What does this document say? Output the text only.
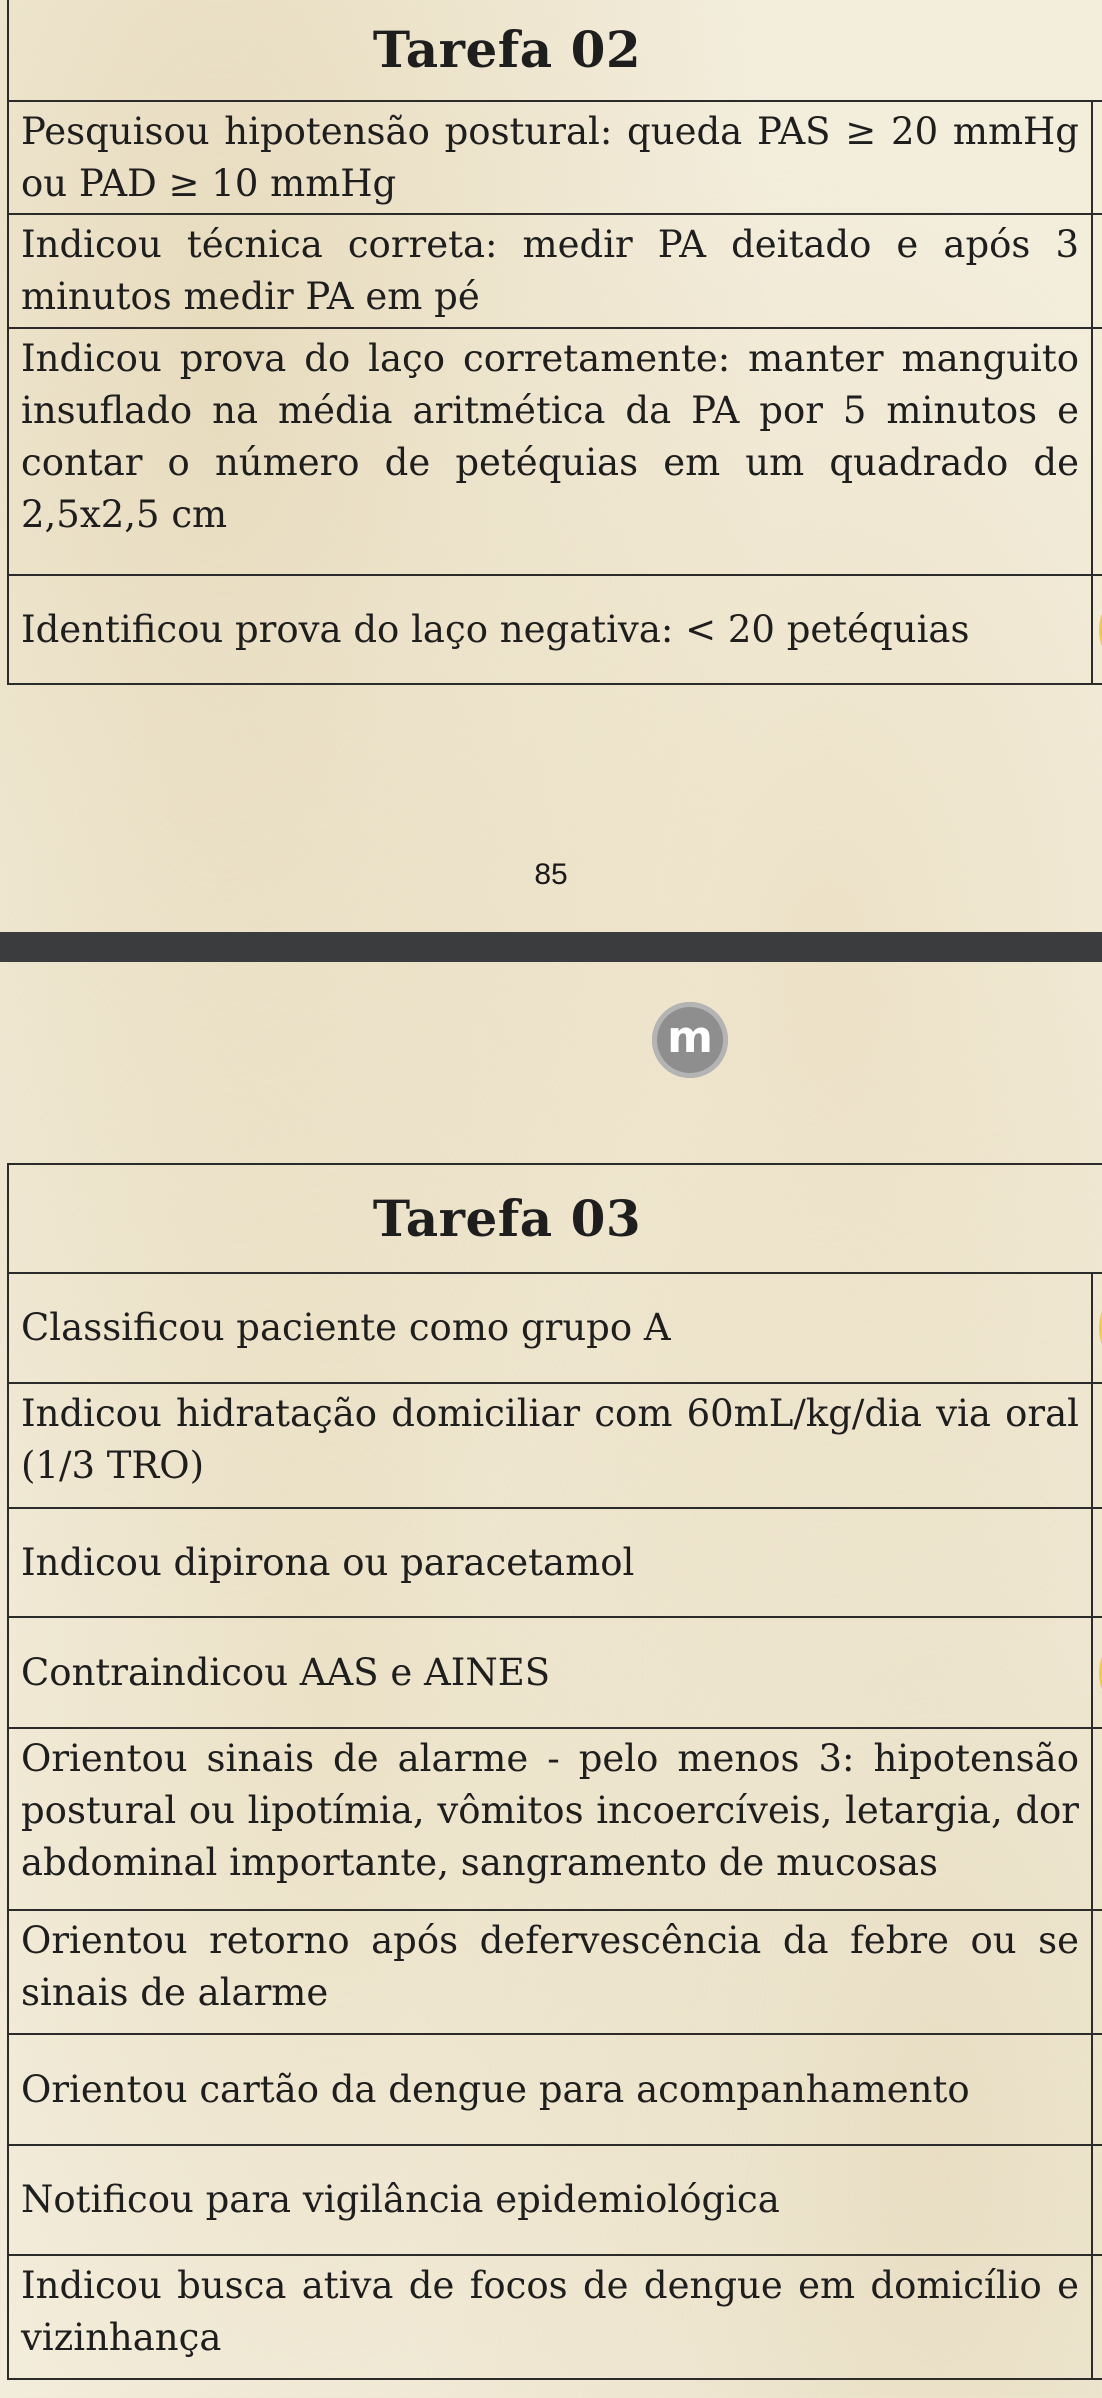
Tarefa 02
Pesquisou hipotensão postural: queda PAS ≥ 20 mmHg ou PAD ≥ 10 mmHg
Indicou técnica correta: medir PA deitado e após 3 minutos medir PA em pé
Indicou prova do laço corretamente: manter manguito insuflado na média aritmética da PA por 5 minutos e contar o número de petéquias em um quadrado de 2,5x2,5 cm
Identificou prova do laço negativa: < 20 petéquias
85
m
Tarefa 03
Classificou paciente como grupo A
Indicou hidratação domiciliar com 60mL/kg/dia via oral (1/3 TRO)
Indicou dipirona ou paracetamol
Contraindicou AAS e AINES
Orientou sinais de alarme - pelo menos 3: hipotensão postural ou lipotímia, vômitos incoercíveis, letargia, dor abdominal importante, sangramento de mucosas
Orientou retorno após defervescência da febre ou se sinais de alarme
Orientou cartão da dengue para acompanhamento
Notificou para vigilância epidemiológica
Indicou busca ativa de focos de dengue em domicílio e vizinhança
